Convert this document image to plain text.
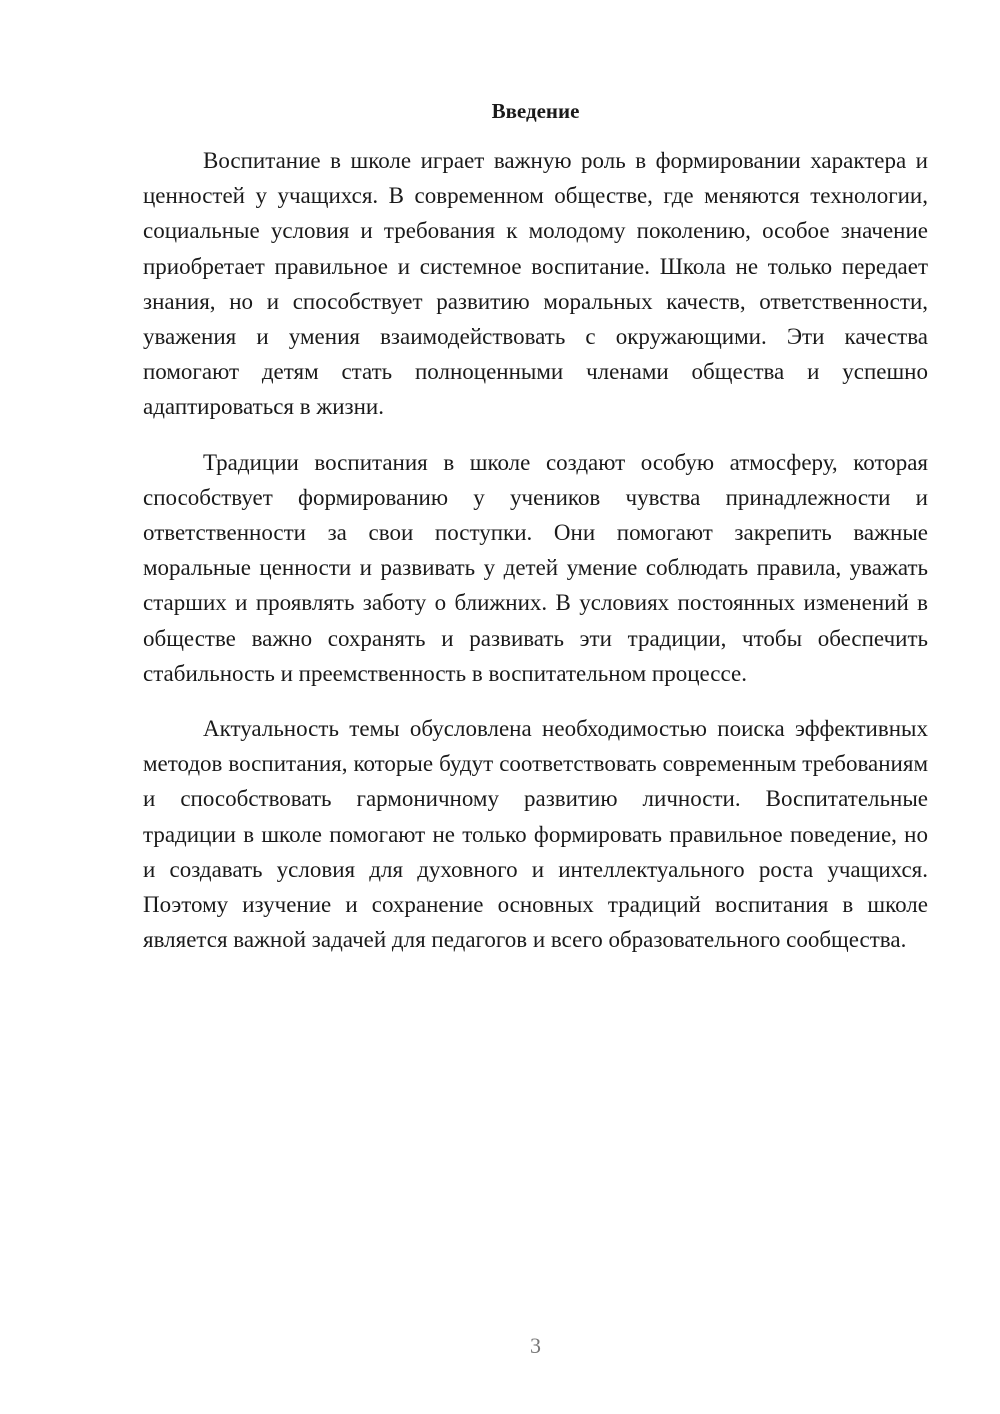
Введение

Воспитание в школе играет важную роль в формировании характера и ценностей у учащихся. В современном обществе, где меняются технологии, социальные условия и требования к молодому поколению, особое значение приобретает правильное и системное воспитание. Школа не только передает знания, но и способствует развитию моральных качеств, ответственности, уважения и умения взаимодействовать с окружающими. Эти качества помогают детям стать полноценными членами общества и успешно адаптироваться в жизни.

Традиции воспитания в школе создают особую атмосферу, которая способствует формированию у учеников чувства принадлежности и ответственности за свои поступки. Они помогают закрепить важные моральные ценности и развивать у детей умение соблюдать правила, уважать старших и проявлять заботу о ближних. В условиях постоянных изменений в обществе важно сохранять и развивать эти традиции, чтобы обеспечить стабильность и преемственность в воспитательном процессе.

Актуальность темы обусловлена необходимостью поиска эффективных методов воспитания, которые будут соответствовать современным требованиям и способствовать гармоничному развитию личности. Воспитательные традиции в школе помогают не только формировать правильное поведение, но и создавать условия для духовного и интеллектуального роста учащихся. Поэтому изучение и сохранение основных традиций воспитания в школе является важной задачей для педагогов и всего образовательного сообщества.

3
